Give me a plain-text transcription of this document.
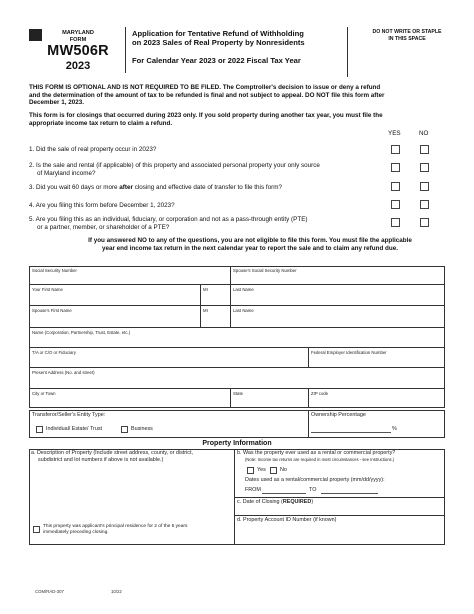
MARYLAND
FORM
MW506R
2023
Application for Tentative Refund of Withholding
on 2023 Sales of Real Property by Nonresidents
For Calendar Year 2023 or 2022 Fiscal Tax Year
DO NOT WRITE OR STAPLE
IN THIS SPACE
THIS FORM IS OPTIONAL AND IS NOT REQUIRED TO BE FILED. The Comptroller's decision to issue or deny a refund
and the determination of the amount of tax to be refunded is final and not subject to appeal. DO NOT file this form after
December 1, 2023.
This form is for closings that occurred during 2023 only. If you sold property during another tax year, you must file the
appropriate income tax return to claim a refund.
YES	NO
1. Did the sale of real property occur in 2023?
2. Is the sale and rental (if applicable) of this property and associated personal property your only source
of Maryland income?
3. Did you wait 60 days or more after closing and effective date of transfer to file this form?
4. Are you filing this form before December 1, 2023?
5. Are you filing this as an individual, fiduciary, or corporation and not as a pass-through entity (PTE)
or a partner, member, or shareholder of a PTE?
If you answered NO to any of the questions, you are not eligible to file this form. You must file the applicable
year end income tax return in the next calendar year to report the sale and to claim any refund due.
Social Security Number	Spouse's Social Security Number
Your First Name	MI	Last Name
Spouse's First Name	MI	Last Name
Name (Corporation, Partnership, Trust, Estate, etc.)
T/A or C/O or Fiduciary	Federal Employer Identification Number
Present Address (No. and street)
City or Town	State	ZIP code
Transferor/Seller's Entity Type:
Individual/ Estate/ Trust	Business
Ownership Percentage
%
Property Information
a. Description of Property (Include street address, county, or district,
subdistrict and lot numbers if above is not available.)
This property was applicant's principal residence for 2 of the 5 years
immediately preceding closing.
b. Was the property ever used as a rental or commercial property?
(Note: Income tax returns are required in most circumstances - see Instructions.)
Yes	No
Dates used as a rental/commercial property (mm/dd/yyyy):
FROM	TO
c. Date of Closing (REQUIRED)
d. Property Account ID Number (if known)
COM/RAD-307	10/22
